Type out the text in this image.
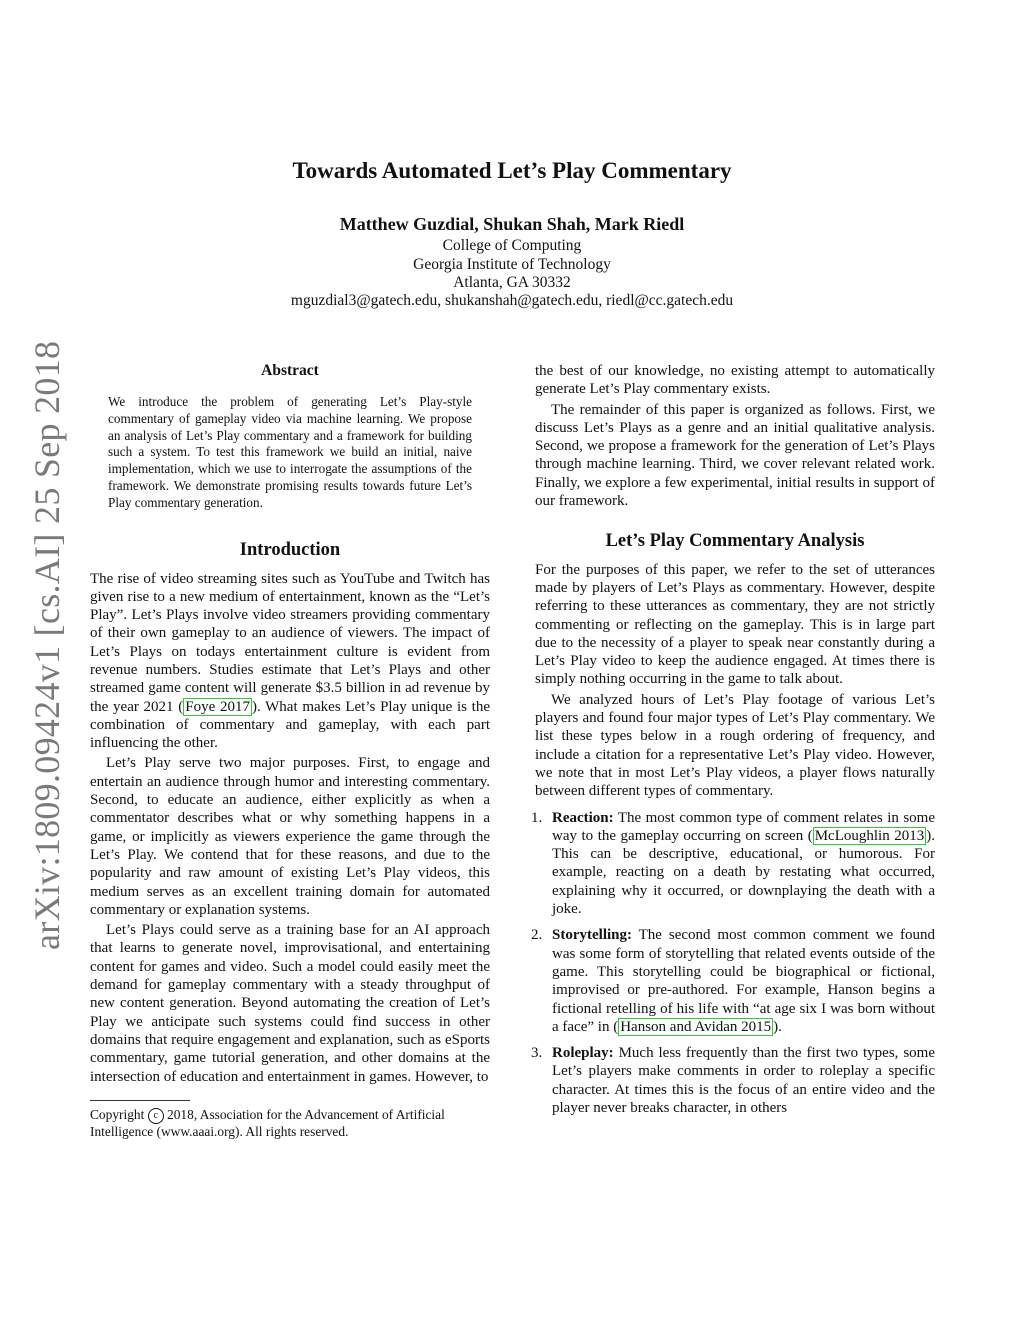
arXiv:1809.09424v1 [cs.AI] 25 Sep 2018
Towards Automated Let’s Play Commentary
Matthew Guzdial, Shukan Shah, Mark Riedl
College of Computing
Georgia Institute of Technology
Atlanta, GA 30332
mguzdial3@gatech.edu, shukanshah@gatech.edu, riedl@cc.gatech.edu
Abstract
We introduce the problem of generating Let’s Play-style commentary of gameplay video via machine learning. We propose an analysis of Let’s Play commentary and a framework for building such a system. To test this framework we build an initial, naive implementation, which we use to interrogate the assumptions of the framework. We demonstrate promising results towards future Let’s Play commentary generation.
Introduction

The rise of video streaming sites such as YouTube and Twitch has given rise to a new medium of entertainment, known as the “Let’s Play”. Let’s Plays involve video streamers providing commentary of their own gameplay to an audience of viewers. The impact of Let’s Plays on todays entertainment culture is evident from revenue numbers. Studies estimate that Let’s Plays and other streamed game content will generate $3.5 billion in ad revenue by the year 2021 ( Foye 2017 ). What makes Let’s Play unique is the combination of commentary and gameplay, with each part influencing the other.

Let’s Play serve two major purposes. First, to engage and entertain an audience through humor and interesting commentary. Second, to educate an audience, either explicitly as when a commentator describes what or why something happens in a game, or implicitly as viewers experience the game through the Let’s Play. We contend that for these reasons, and due to the popularity and raw amount of existing Let’s Play videos, this medium serves as an excellent training domain for automated commentary or explanation systems.

Let’s Plays could serve as a training base for an AI approach that learns to generate novel, improvisational, and entertaining content for games and video. Such a model could easily meet the demand for gameplay commentary with a steady throughput of new content generation. Beyond automating the creation of Let’s Play we anticipate such systems could find success in other domains that require engagement and explanation, such as eSports commentary, game tutorial generation, and other domains at the intersection of education and entertainment in games. However, to

Copyright c 2018, Association for the Advancement of Artificial Intelligence (www.aaai.org). All rights reserved.

the best of our knowledge, no existing attempt to automatically generate Let’s Play commentary exists.

The remainder of this paper is organized as follows. First, we discuss Let’s Plays as a genre and an initial qualitative analysis. Second, we propose a framework for the generation of Let’s Plays through machine learning. Third, we cover relevant related work. Finally, we explore a few experimental, initial results in support of our framework.

Let’s Play Commentary Analysis

For the purposes of this paper, we refer to the set of utterances made by players of Let’s Plays as commentary. However, despite referring to these utterances as commentary, they are not strictly commenting or reflecting on the gameplay. This is in large part due to the necessity of a player to speak near constantly during a Let’s Play video to keep the audience engaged. At times there is simply nothing occurring in the game to talk about.

We analyzed hours of Let’s Play footage of various Let’s players and found four major types of Let’s Play commentary. We list these types below in a rough ordering of frequency, and include a citation for a representative Let’s Play video. However, we note that in most Let’s Play videos, a player flows naturally between different types of commentary.

1. Reaction: The most common type of comment relates in some way to the gameplay occurring on screen ( McLoughlin 2013 ). This can be descriptive, educational, or humorous. For example, reacting on a death by restating what occurred, explaining why it occurred, or downplaying the death with a joke.
2. Storytelling: The second most common comment we found was some form of storytelling that related events outside of the game. This storytelling could be biographical or fictional, improvised or pre-authored. For example, Hanson begins a fictional retelling of his life with “at age six I was born without a face” in ( Hanson and Avidan 2015 ).
3. Roleplay: Much less frequently than the first two types, some Let’s players make comments in order to roleplay a specific character. At times this is the focus of an entire video and the player never breaks character, in others
